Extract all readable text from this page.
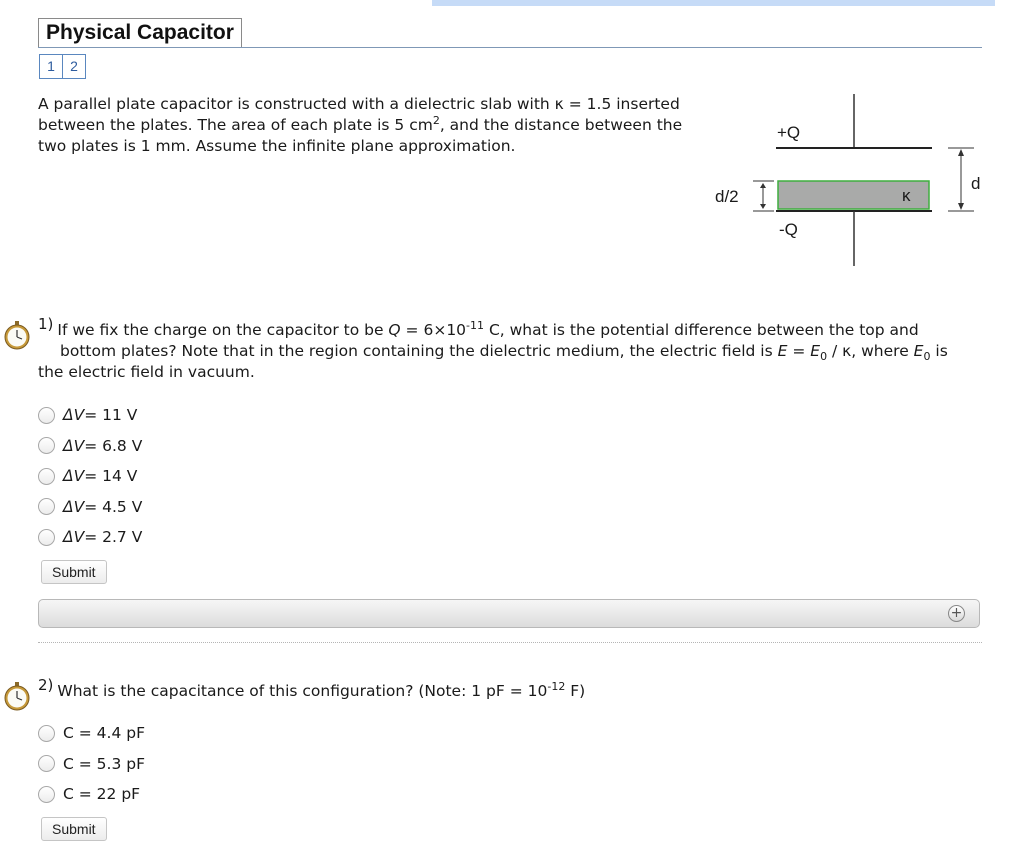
Physical Capacitor
1	2
A parallel plate capacitor is constructed with a dielectric slab with κ = 1.5 inserted between the plates. The area of each plate is 5 $cm^2$, and the distance between the two plates is 1 mm. Assume the infinite plane approximation.
+Q
κ
-Q
d/2
d
1) If we fix the charge on the capacitor to be $Q = 6\times 10^{-11}$ C, what is the potential difference between the top and
bottom plates? Note that in the region containing the dielectric medium, the electric field is $E = E_0 / \kappa$, where $E_0$ is
the electric field in vacuum.
ΔV = 11 V
ΔV = 6.8 V
ΔV = 14 V
ΔV = 4.5 V
ΔV = 2.7 V
Submit
+
2) What is the capacitance of this configuration? (Note: 1 pF = $10^{-12}$ F)
C = 4.4 pF
C = 5.3 pF
C = 22 pF
Submit
